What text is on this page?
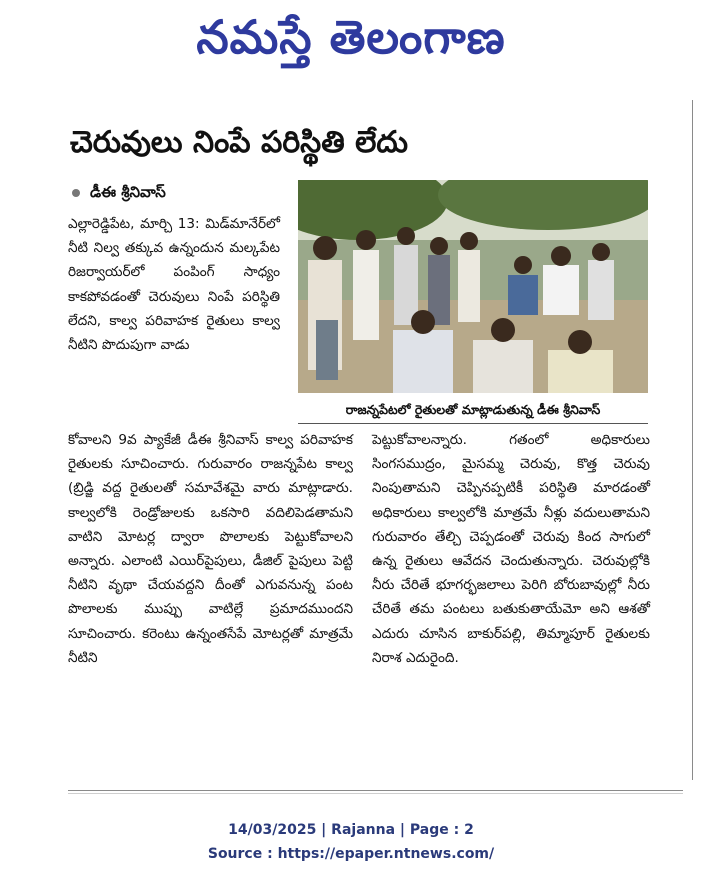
నమస్తే తెలంగాణ
చెరువులు నింపే పరిస్థితి లేదు
డీఈ శ్రీనివాస్
రాజన్నపేటలో రైతులతో మాట్లాడుతున్న డీఈ శ్రీనివాస్
ఎల్లారెడ్డిపేట, మార్చి 13: మిడ్‌మానేర్‌లో నీటి నిల్వ తక్కువ ఉన్నందున మల్కపేట రిజర్వాయర్‌లో పంపింగ్ సాధ్యం కాకపోవడంతో చెరువులు నింపే పరిస్థితి లేదని, కాల్వ పరివాహక రైతులు కాల్వ నీటిని పొదుపుగా వాడు
కోవాలని 9వ ప్యాకేజీ డీఈ శ్రీనివాస్ కాల్వ పరివాహక రైతులకు సూచించారు. గురువారం రాజన్నపేట కాల్వ (బ్రిడ్జి వద్ద రైతులతో సమావేశమై వారు మాట్లాడారు. కాల్వలోకి రెండ్రోజులకు ఒకసారి వదిలిపెడతామని వాటిని మోటర్ల ద్వారా పొలాలకు పెట్టుకోవాలని అన్నారు. ఎలాంటి ఎయిర్‌పైపులు, డీజిల్ పైపులు పెట్టి నీటిని వృథా చేయవద్దని దీంతో ఎగువనున్న పంట పొలాలకు ముప్పు వాటిల్లే ప్రమాదముందని సూచించారు. కరెంటు ఉన్నంతసేపే మోటర్లతో మాత్రమే నీటిని
పెట్టుకోవాలన్నారు. గతంలో అధికారులు సింగసముద్రం, మైసమ్మ చెరువు, కొత్త చెరువు నింపుతామని చెప్పినప్పటికీ పరిస్థితి మారడంతో అధికారులు కాల్వలోకి మాత్రమే నీళ్లు వదులుతామని గురువారం తేల్చి చెప్పడంతో చెరువు కింద సాగులో ఉన్న రైతులు ఆవేదన చెందుతున్నారు. చెరువుల్లోకి నీరు చేరితే భూగర్భజలాలు పెరిగి బోరుబావుల్లో నీరు చేరితే తమ పంటలు బతుకుతాయేమో అని ఆశతో ఎదురు చూసిన బాకుర్‌పల్లి, తిమ్మాపూర్ రైతులకు నిరాశ ఎదురైంది.
14/03/2025 | Rajanna | Page : 2
Source : https://epaper.ntnews.com/
